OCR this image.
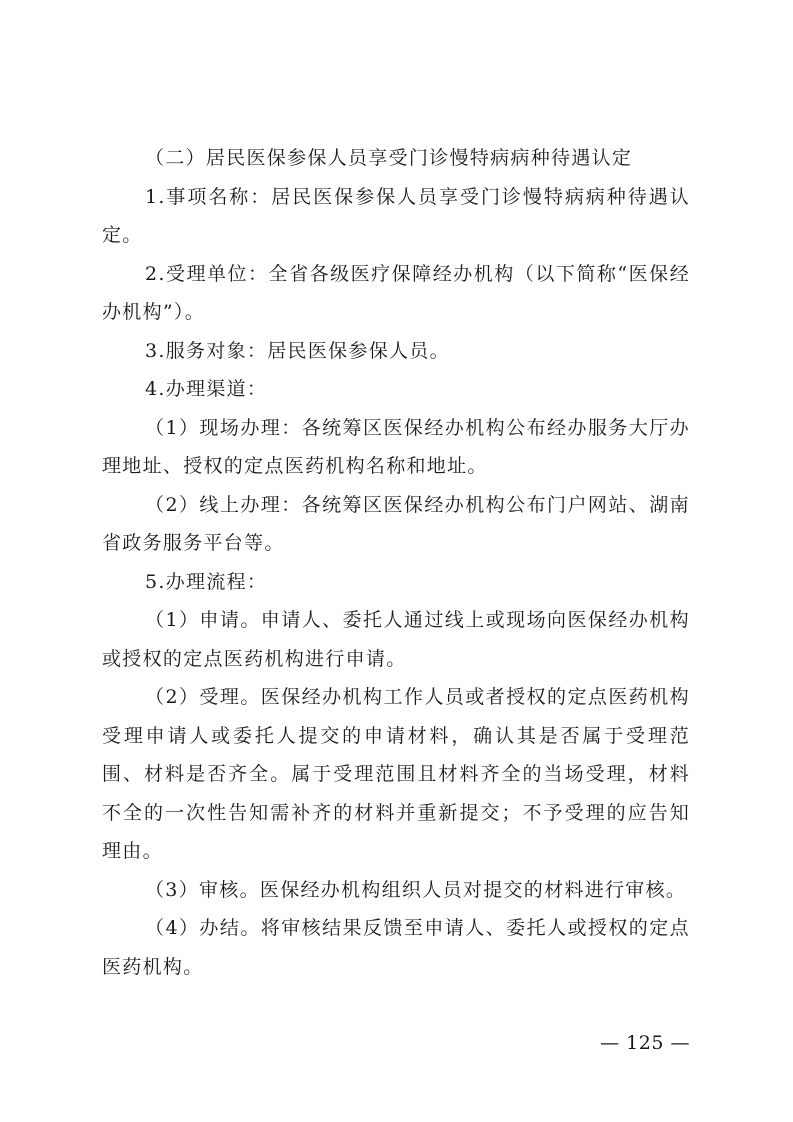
（二）居民医保参保人员享受门诊慢特病病种待遇认定

1.事项名称：居民医保参保人员享受门诊慢特病病种待遇认定。

2.受理单位：全省各级医疗保障经办机构（以下简称“医保经办机构”）。

3.服务对象：居民医保参保人员。

4.办理渠道：

（1）现场办理：各统筹区医保经办机构公布经办服务大厅办理地址、授权的定点医药机构名称和地址。

（2）线上办理：各统筹区医保经办机构公布门户网站、湖南省政务服务平台等。

5.办理流程：

（1）申请。申请人、委托人通过线上或现场向医保经办机构或授权的定点医药机构进行申请。

（2）受理。医保经办机构工作人员或者授权的定点医药机构受理申请人或委托人提交的申请材料，确认其是否属于受理范围、材料是否齐全。属于受理范围且材料齐全的当场受理，材料不全的一次性告知需补齐的材料并重新提交；不予受理的应告知理由。

（3）审核。医保经办机构组织人员对提交的材料进行审核。

（4）办结。将审核结果反馈至申请人、委托人或授权的定点医药机构。

— 125 —
